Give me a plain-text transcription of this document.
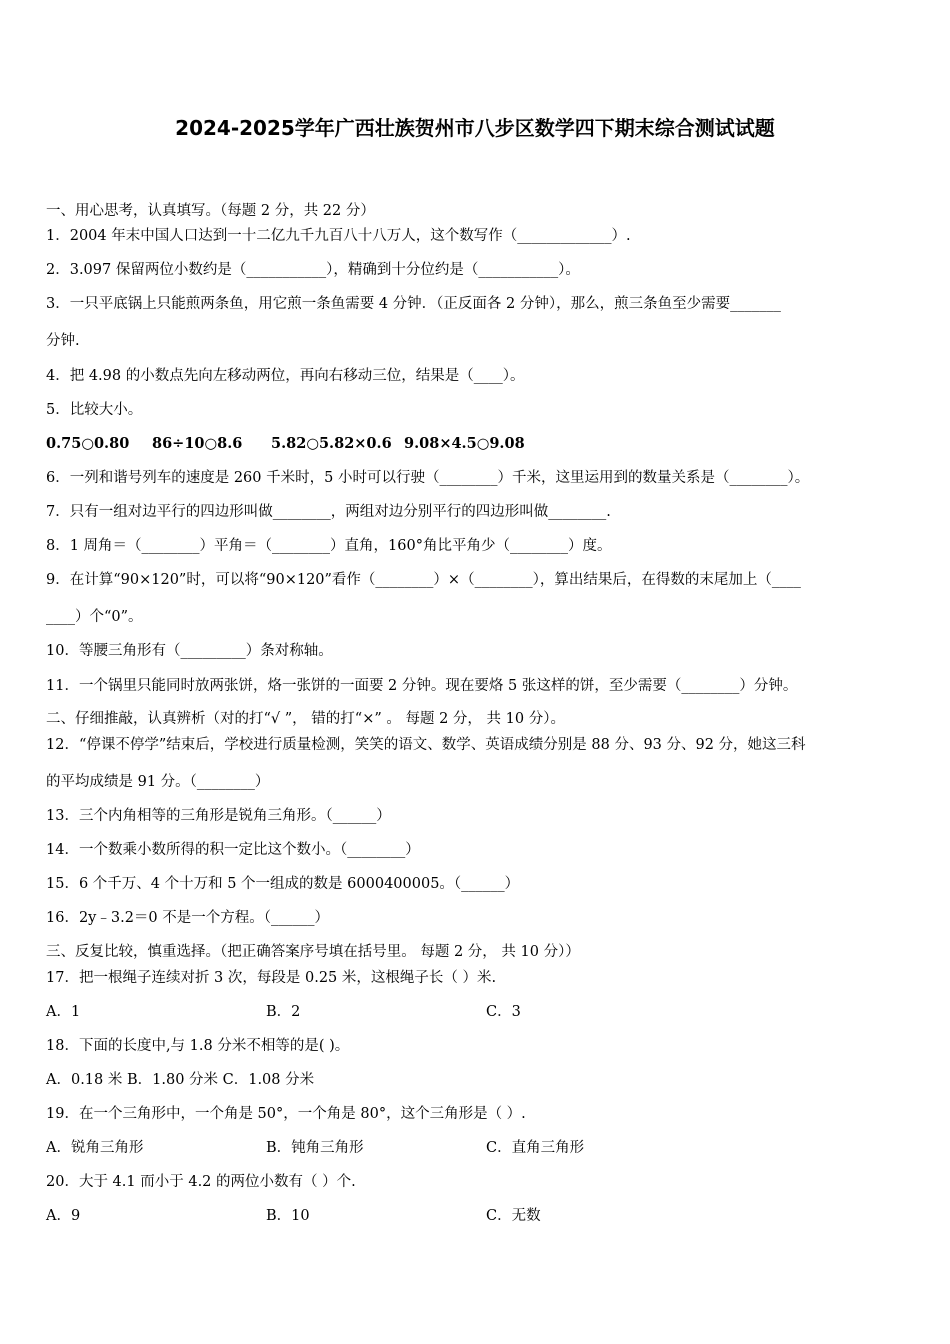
2024-2025学年广西壮族贺州市八步区数学四下期末综合测试试题
一、用心思考，认真填写。（每题 2 分，共 22 分）
1．2004 年末中国人口达到一十二亿九千九百八十八万人，这个数写作（_____________）.
2．3.097 保留两位小数约是（___________），精确到十分位约是（___________）。
3．一只平底锅上只能煎两条鱼，用它煎一条鱼需要 4 分钟．（正反面各 2 分钟），那么，煎三条鱼至少需要_______
分钟.
4．把 4.98 的小数点先向左移动两位，再向右移动三位，结果是（____）。
5．比较大小。
0.75○0.80 86÷10○8.6 5.82○5.82×0.6 9.08×4.5○9.08
6．一列和谐号列车的速度是 260 千米时，5 小时可以行驶（________）千米，这里运用到的数量关系是（________）。
7．只有一组对边平行的四边形叫做________，两组对边分别平行的四边形叫做________.
8．1 周角＝（________）平角＝（________）直角，160°角比平角少（________）度。
9．在计算“90×120”时，可以将“90×120”看作（________）×（________），算出结果后，在得数的末尾加上（____
____）个“0”。
10．等腰三角形有（_________）条对称轴。
11．一个锅里只能同时放两张饼，烙一张饼的一面要 2 分钟。现在要烙 5 张这样的饼，至少需要（________）分钟。
二、仔细推敲，认真辨析（对的打“√ ”， 错的打“×” 。 每题 2 分， 共 10 分）。
12．“停课不停学”结束后，学校进行质量检测，笑笑的语文、数学、英语成绩分别是 88 分、93 分、92 分，她这三科
的平均成绩是 91 分。（________）
13．三个内角相等的三角形是锐角三角形。（______）
14．一个数乘小数所得的积一定比这个数小。（________）
15．6 个千万、4 个十万和 5 个一组成的数是 6000400005。（______）
16．2y﹣3.2＝0 不是一个方程。（______）
三、反复比较，慎重选择。（把正确答案序号填在括号里。 每题 2 分， 共 10 分））
17．把一根绳子连续对折 3 次，每段是 0.25 米，这根绳子长（ ）米.
A．1	B．2	C．3
18．下面的长度中,与 1.8 分米不相等的是( )。
A．0.18 米 B．1.80 分米 C．1.08 分米
19．在一个三角形中，一个角是 50°，一个角是 80°，这个三角形是（ ）.
A．锐角三角形	B．钝角三角形	C．直角三角形
20．大于 4.1 而小于 4.2 的两位小数有（ ）个.
A．9	B．10	C．无数
